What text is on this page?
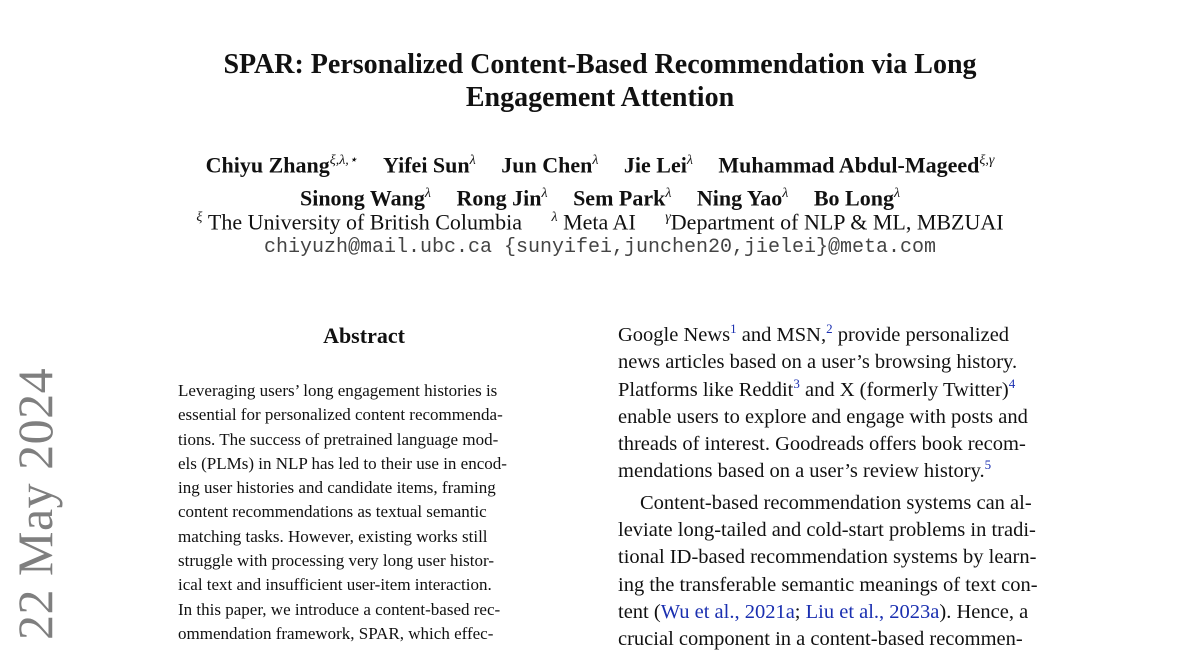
22 May 2024
SPAR: Personalized Content-Based Recommendation via Long
Engagement Attention
Chiyu Zhang$^{\xi,\lambda,⋆}$ Yifei Sun$^\lambda$ Jun Chen$^\lambda$ Jie Lei$^\lambda$ Muhammad Abdul-Mageed$^{\xi,\gamma}$
Sinong Wang$^\lambda$ Rong Jin$^\lambda$ Sem Park$^\lambda$ Ning Yao$^\lambda$ Bo Long$^\lambda$
$^\xi$ The University of British Columbia $^\lambda$ Meta AI $^\gamma$Department of NLP & ML, MBZUAI
chiyuzh@mail.ubc.ca {sunyifei,junchen20,jielei}@meta.com
Abstract
Leveraging users’ long engagement histories is
essential for personalized content recommenda-
tions. The success of pretrained language mod-
els (PLMs) in NLP has led to their use in encod-
ing user histories and candidate items, framing
content recommendations as textual semantic
matching tasks. However, existing works still
struggle with processing very long user histor-
ical text and insufficient user-item interaction.
In this paper, we introduce a content-based rec-
ommendation framework, SPAR, which effec-
Google News$^1$ and MSN,$^2$ provide personalized
news articles based on a user’s browsing history.
Platforms like Reddit$^3$ and X (formerly Twitter)$^4$
enable users to explore and engage with posts and
threads of interest. Goodreads offers book recom-
mendations based on a user’s review history.$^5$
Content-based recommendation systems can al-
leviate long-tailed and cold-start problems in tradi-
tional ID-based recommendation systems by learn-
ing the transferable semantic meanings of text con-
tent (Wu et al., 2021a; Liu et al., 2023a). Hence, a
crucial component in a content-based recommen-
